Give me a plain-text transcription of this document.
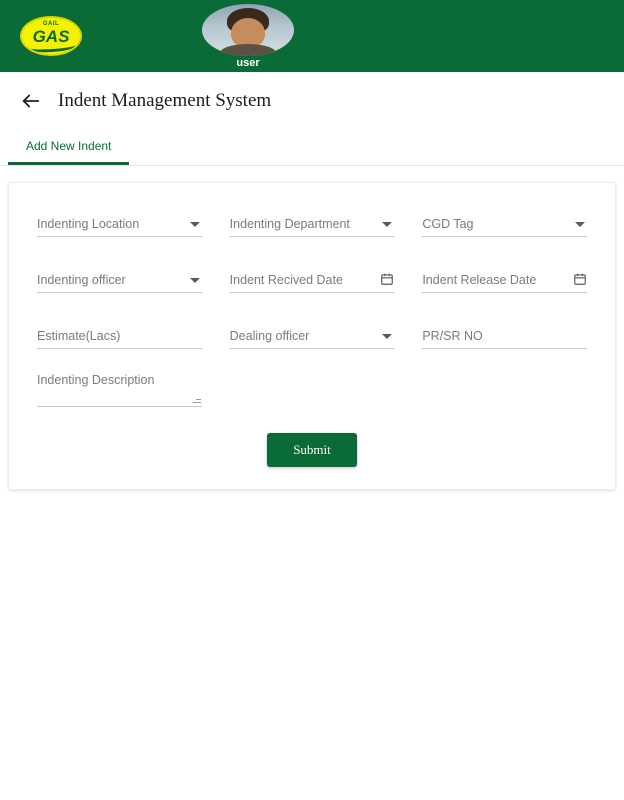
GAIL
GAS
user
Indent Management System
Add New Indent
Indenting Location	Indenting Department	CGD Tag
Indenting officer	Indent Recived Date	Indent Release Date
Estimate(Lacs)	Dealing officer	PR/SR NO
Indenting Description
Submit
